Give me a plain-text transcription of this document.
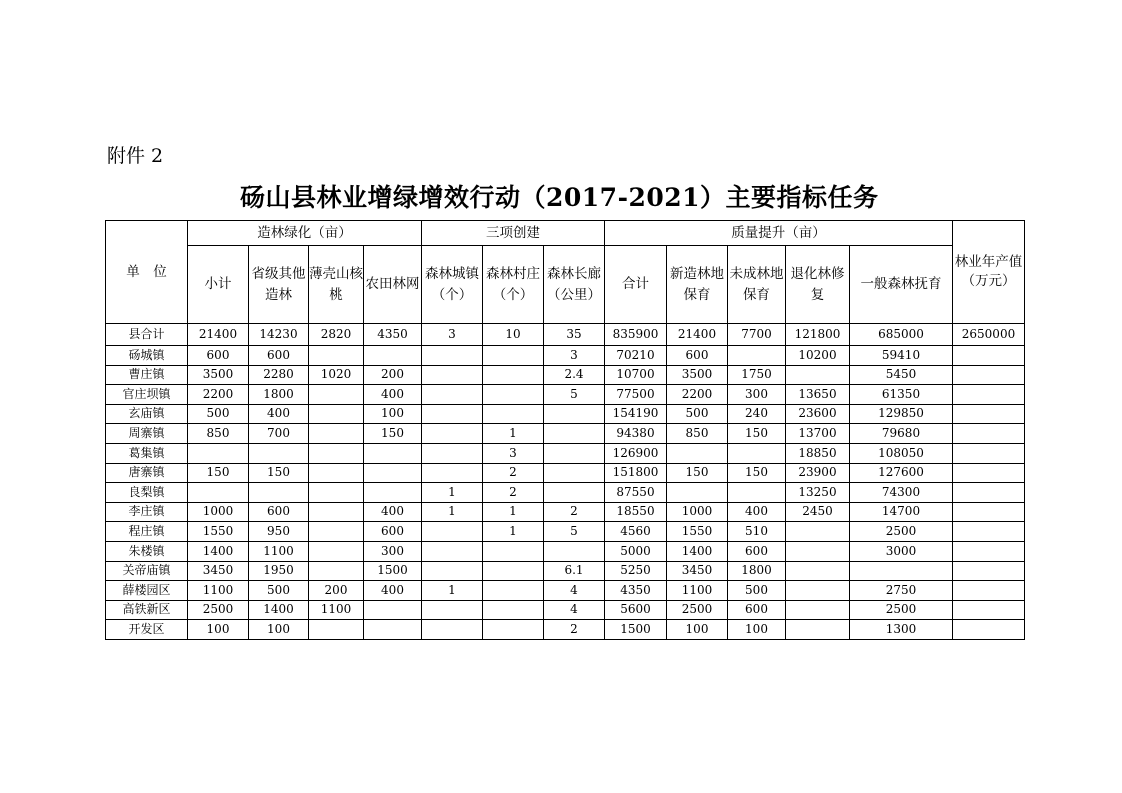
附件 2
砀山县林业增绿增效行动（2017-2021）主要指标任务
单　位	造林绿化（亩）				三项创建			质量提升（亩）					林业年产值（万元）
	小计	省级其他造林	薄壳山核桃	农田林网	森林城镇（个）	森林村庄（个）	森林长廊（公里）	合计	新造林地保育	未成林地保育	退化林修　复	一般森林抚育	
县合计	21400	14230	2820	4350	3	10	35	835900	21400	7700	121800	685000	2650000
砀城镇	600	600					3	70210	600		10200	59410	
曹庄镇	3500	2280	1020	200			2.4	10700	3500	1750		5450	
官庄坝镇	2200	1800		400			5	77500	2200	300	13650	61350	
玄庙镇	500	400		100				154190	500	240	23600	129850	
周寨镇	850	700		150		1		94380	850	150	13700	79680	
葛集镇						3		126900			18850	108050	
唐寨镇	150	150				2		151800	150	150	23900	127600	
良梨镇					1	2		87550			13250	74300	
李庄镇	1000	600		400	1	1	2	18550	1000	400	2450	14700	
程庄镇	1550	950		600		1	5	4560	1550	510		2500	
朱楼镇	1400	1100		300				5000	1400	600		3000	
关帝庙镇	3450	1950		1500			6.1	5250	3450	1800			
薛楼园区	1100	500	200	400	1		4	4350	1100	500		2750	
高铁新区	2500	1400	1100				4	5600	2500	600		2500	
开发区	100	100					2	1500	100	100		1300	
